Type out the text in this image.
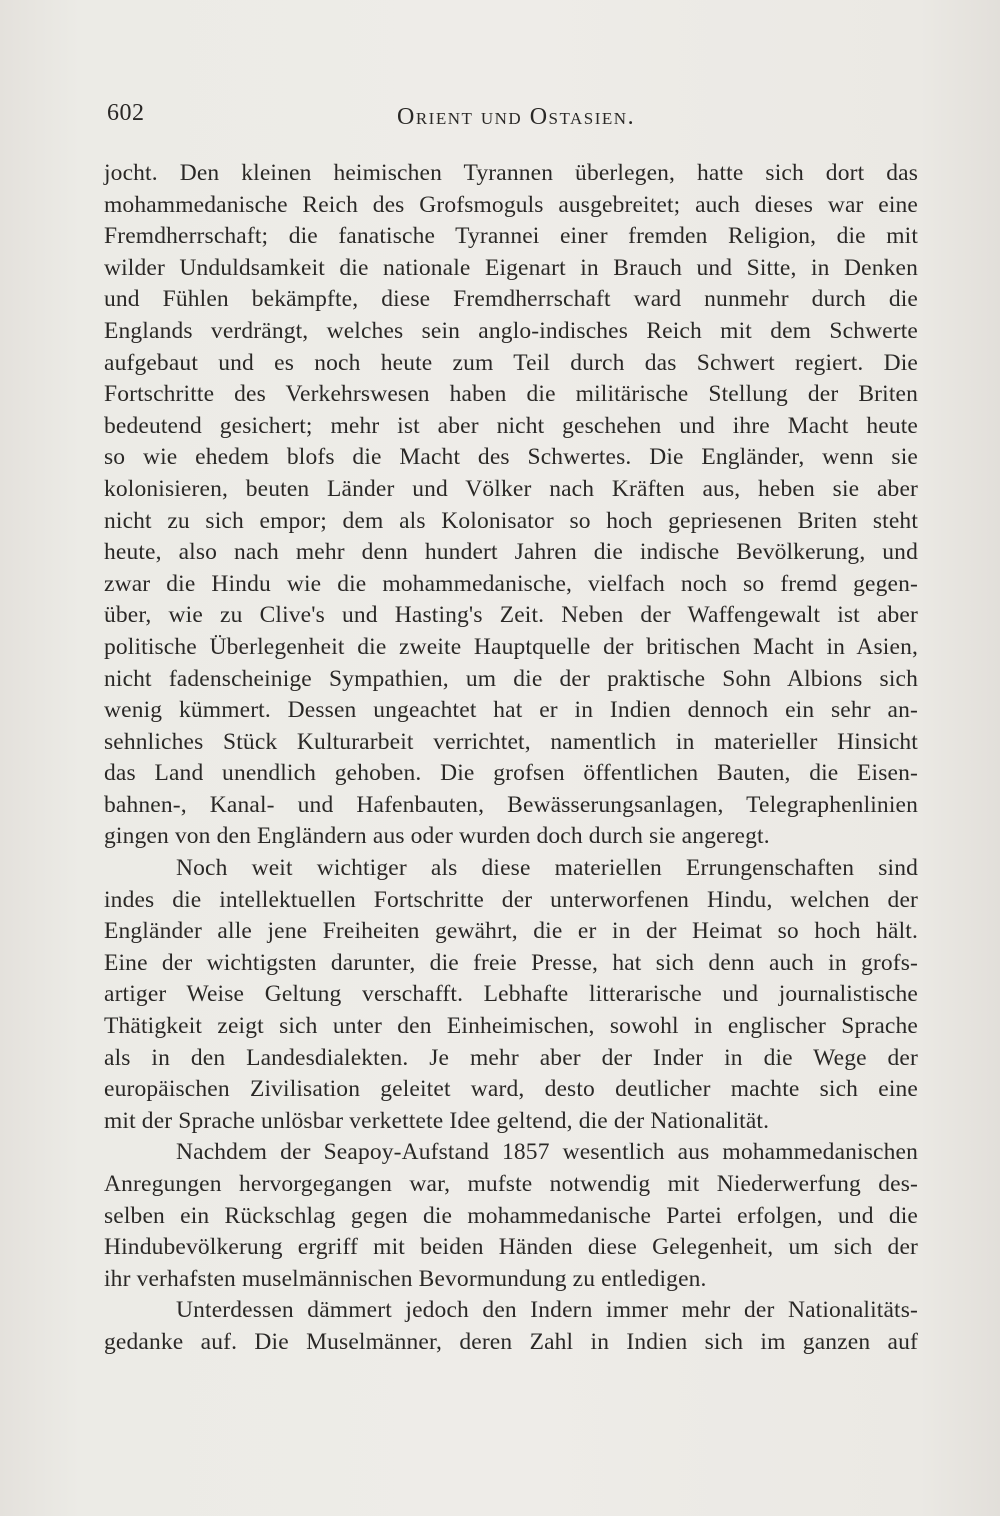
602	Orient und Ostasien.
jocht. Den kleinen heimischen Tyrannen überlegen, hatte sich dort das
mohammedanische Reich des Grofsmoguls ausgebreitet; auch dieses war eine
Fremdherrschaft; die fanatische Tyrannei einer fremden Religion, die mit
wilder Unduldsamkeit die nationale Eigenart in Brauch und Sitte, in Denken
und Fühlen bekämpfte, diese Fremdherrschaft ward nunmehr durch die
Englands verdrängt, welches sein anglo-indisches Reich mit dem Schwerte
aufgebaut und es noch heute zum Teil durch das Schwert regiert. Die
Fortschritte des Verkehrswesen haben die militärische Stellung der Briten
bedeutend gesichert; mehr ist aber nicht geschehen und ihre Macht heute
so wie ehedem blofs die Macht des Schwertes. Die Engländer, wenn sie
kolonisieren, beuten Länder und Völker nach Kräften aus, heben sie aber
nicht zu sich empor; dem als Kolonisator so hoch gepriesenen Briten steht
heute, also nach mehr denn hundert Jahren die indische Bevölkerung, und
zwar die Hindu wie die mohammedanische, vielfach noch so fremd gegen-
über, wie zu Clive's und Hasting's Zeit. Neben der Waffengewalt ist aber
politische Überlegenheit die zweite Hauptquelle der britischen Macht in Asien,
nicht fadenscheinige Sympathien, um die der praktische Sohn Albions sich
wenig kümmert. Dessen ungeachtet hat er in Indien dennoch ein sehr an-
sehnliches Stück Kulturarbeit verrichtet, namentlich in materieller Hinsicht
das Land unendlich gehoben. Die grofsen öffentlichen Bauten, die Eisen-
bahnen-, Kanal- und Hafenbauten, Bewässerungsanlagen, Telegraphenlinien
gingen von den Engländern aus oder wurden doch durch sie angeregt.
Noch weit wichtiger als diese materiellen Errungenschaften sind
indes die intellektuellen Fortschritte der unterworfenen Hindu, welchen der
Engländer alle jene Freiheiten gewährt, die er in der Heimat so hoch hält.
Eine der wichtigsten darunter, die freie Presse, hat sich denn auch in grofs-
artiger Weise Geltung verschafft. Lebhafte litterarische und journalistische
Thätigkeit zeigt sich unter den Einheimischen, sowohl in englischer Sprache
als in den Landesdialekten. Je mehr aber der Inder in die Wege der
europäischen Zivilisation geleitet ward, desto deutlicher machte sich eine
mit der Sprache unlösbar verkettete Idee geltend, die der Nationalität.
Nachdem der Seapoy-Aufstand 1857 wesentlich aus mohammedanischen
Anregungen hervorgegangen war, mufste notwendig mit Niederwerfung des-
selben ein Rückschlag gegen die mohammedanische Partei erfolgen, und die
Hindubevölkerung ergriff mit beiden Händen diese Gelegenheit, um sich der
ihr verhafsten muselmännischen Bevormundung zu entledigen.
Unterdessen dämmert jedoch den Indern immer mehr der Nationalitäts-
gedanke auf. Die Muselmänner, deren Zahl in Indien sich im ganzen auf
